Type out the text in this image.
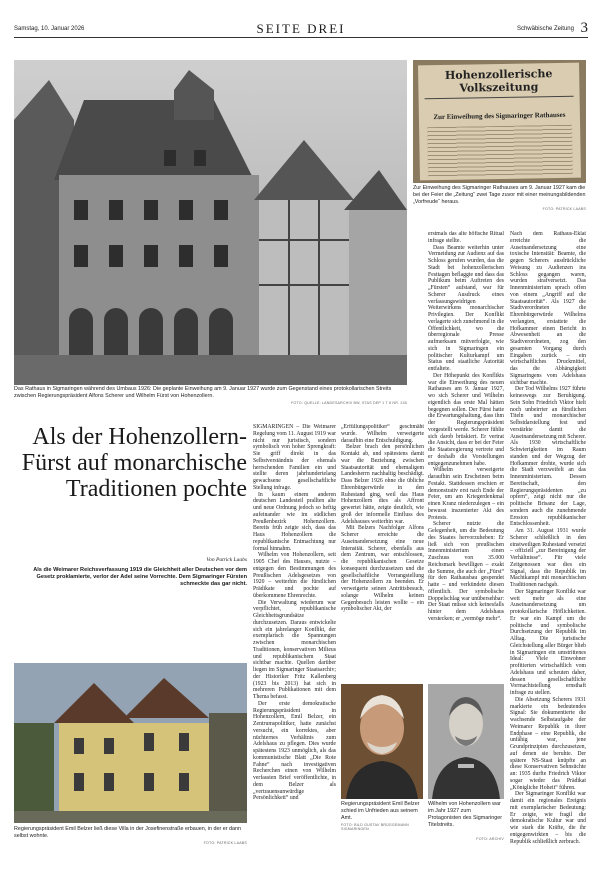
Samstag, 10. Januar 2026	SEITE DREI	Schwäbische Zeitung 3
Das Rathaus in Sigmaringen während des Umbaus 1926: Die geplante Einweihung am 9. Januar 1927 wurde zum Gegenstand eines protokollarischen Streits zwischen Regierungspräsident Alfons Scherer und Wilhelm Fürst von Hohenzollern.
FOTO: QUELLE: LANDESARCHIV BW, STAS DEP 1 T 8 NR. 245
Hohenzollerische Volkszeitung
Zur Einweihung des Sigmaringer Rathauses
Zur Einweihung des Sigmaringer Rathauses am 9. Januar 1927 kam die bei der Feier die „Zeitung“ zwei Tage zuvor mit einer meinungsbildenden „Vorfreude“ heraus.
FOTO: PATRICK LAABS
Als der Hohenzollern-Fürst auf monarchische Traditionen pochte
Von Patrick Laabs
Als die Weimarer Reichsverfassung 1919 die Gleichheit aller Deutschen vor dem Gesetz proklamierte, verlor der Adel seine Vorrechte. Dem Sigmaringer Fürsten schmeckte das gar nicht.
Regierungspräsident Emil Belzer ließ diese Villa in der Josefinenstraße erbauen, in der er dann selbst wohnte.
FOTO: PATRICK LAABS

SIGMARINGEN – Die Weimarer Regelung vom 11. August 1919 war nicht nur juristisch, sondern symbolisch von hoher Sprengkraft: Sie griff direkt in das Selbstverständnis der ehemals herrschenden Familien ein und stellte deren jahrhundertelang gewachsene gesellschaftliche Stellung infrage.

In kaum einem anderen deutschen Landesteil prallten alte und neue Ordnung jedoch so heftig aufeinander wie im südlichen Preußenbezirk Hohenzollern. Bereits früh zeigte sich, dass das Haus Hohenzollern die republikanische Entmachtung nur formal hinnahm.

Wilhelm von Hohenzollern, seit 1905 Chef des Hauses, nutzte – entgegen den Bestimmungen des Preußischen Adelsgesetzes von 1920 – weiterhin die fürstlichen Prädikate und pochte auf überkommene Ehrenrechte.

Die Verwaltung wiederum war verpflichtet, republikanische Gleichheitsgrundsätze durchzusetzen. Daraus entwickelte sich ein jahrelanger Konflikt, der exemplarisch die Spannungen zwischen monarchischen Traditionen, konservativen Milieus und republikanischem Staat sichtbar machte. Quellen darüber liegen im Sigmaringer Staatsarchiv; der Historiker Fritz Kallenberg (1923 bis 2013) hat sich in mehreren Publikationen mit dem Thema befasst.

Der erste demokratische Regierungspräsident in Hohenzollern, Emil Belzer, ein Zentrumspolitiker, hatte zunächst versucht, ein korrektes, aber nüchternes Verhältnis zum Adelshaus zu pflegen. Dies wurde spätestens 1923 unmöglich, als das kommunistische Blatt „Die Rote Fahne“ nach investigativen Recherchen einen von Wilhelm verfassten Brief veröffentlichte, in dem Belzer als „vertrauensunwürdige Persönlichkeit“ und

„Erfüllungspolitiker“ geschmäht wurde. Wilhelm verweigerte daraufhin eine Entschuldigung.

Belzer brach den persönlichen Kontakt ab, und spätestens damit war die Beziehung zwischen Staatsautorität und ehemaligem Landesherrn nachhaltig beschädigt. Dass Belzer 1926 ohne die übliche Ehrenbürgerwürde in den Ruhestand ging, weil das Haus Hohenzollern dies als Affront gewertet hätte, zeigte deutlich, wie groß der informelle Einfluss des Adelshauses weiterhin war.

Mit Belzers Nachfolger Alfons Scherer erreichte die Auseinandersetzung eine neue Intensität. Scherer, ebenfalls aus dem Zentrum, war entschlossen, die republikanischen Gesetze konsequent durchzusetzen und die gesellschaftliche Vorrangstellung der Hohenzollern zu beenden. Er verweigerte seinen Antrittsbesuch, solange Wilhelm keinen Gegenbesuch leisten wollte – ein symbolischer Akt, der

erstmals das alte höfische Ritual infrage stellte.

Dass Beamte weiterhin unter Vermeidung zur Audienz auf das Schloss gerufen wurden, das die Stadt bei hohenzollerischen Festtagen beflaggte und dass das Publikum beim Auftreten des „Fürsten“ aufstand, war für Scherer Ausdruck eines verfassungswidrigen Weiterwirkens monarchischer Privilegien. Der Konflikt verlagerte sich zunehmend in die Öffentlichkeit, wo die überregionale Presse aufmerksam mitverfolgte, wie sich in Sigmaringen ein politischer Kulturkampf um Status und staatliche Autorität entfaltete.

Der Höhepunkt des Konflikts war die Einweihung des neuen Rathauses am 9. Januar 1927, wo sich Scherer und Wilhelm eigentlich das erste Mal hätten begegnen sollen. Der Fürst hatte die Erwartungshaltung, dass ihm der Regierungspräsident vorgestellt werde. Scherer fühlte sich darob brüskiert. Er vertrat die Ansicht, dass er bei der Feier die Staatsregierung vertrete und er deshalb die Vorstellungen entgegenzunehmen habe.

Wilhelm verweigerte daraufhin sein Erscheinen beim Festakt. Stattdessen erschien er demonstrativ erst nach Ende der Feier, um am Kriegerdenkmal einen Kranz niederzulegen – ein bewusst inszenierter Akt des Protests.

Scherer nutzte die Gelegenheit, um die Bedeutung des Staates hervorzuheben: Er ließ sich von preußischen Innenministerium einen Zuschuss von 35.000 Reichsmark bewilligen – exakt die Summe, die auch der „Fürst“ für den Rathausbau gespendet hatte – und verkündete diesen öffentlich. Der symbolische Doppelschlag war unübersehbar: Der Staat müsse sich keinesfalls hinter dem Adelshaus verstecken; er „vermöge mehr“.

Nach dem Rathaus-Eklat erreichte die Auseinandersetzung eine toxische Intensität: Beamte, die gegen Scherers ausdrückliche Weisung zu Audienzen ins Schloss gegangen waren, wurden strafversetzt. Das Innenministerium sprach offen von einem „Angriff auf die Staatsautorität“. Als 1927 die Stadtverordneten die Ehrenbürgerwürde Wilhelms verlangten, erstattete die Hofkammer einen Bericht in Abwesenheit an die Stadtverordneten, zog den gesamten Vorgang durch Eingaben zurück – ein wirtschaftliches Druckmittel, das die Abhängigkeit Sigmaringens vom Adelshaus sichtbar machte.

Der Tod Wilhelms 1927 führte keineswegs zur Beruhigung. Sein Sohn Friedrich Viktor hielt noch unbeirrter an fürstlichen Titeln und monarchischer Selbstdarstellung fest und verstärkte damit die Auseinandersetzung mit Scherer. Als 1930 wirtschaftliche Schwierigkeiten im Raum standen und der Wegzug der Hofkammer drohte, wurde sich die Stadt verzweifelt an das Innenministerium. Dessen Bereitschaft, den Regierungspräsidenten „zu opfern“, zeigt nicht nur die politische Brisanz der Lage, sondern auch die zunehmende Erosion republikanischer Entschlossenheit.

Am 31. August 1931 wurde Scherer schließlich in den einstweiligen Ruhestand versetzt – offiziell „zur Bereinigung der Verhältnisse“. Für viele Zeitgenossen war dies ein Signal, dass die Republik im Machtkampf mit monarchischen Traditionen nachgab.

Der Sigmaringer Konflikt war weit mehr als eine Auseinandersetzung um protokollarische Höflichkeiten. Er war ein Kampf um die politische und symbolische Durchsetzung der Republik im Alltag. Die juristische Gleichstellung aller Bürger blieb in Sigmaringen ein umstrittenes Ideal: Viele Einwohner profitierten wirtschaftlich vom Adelshaus und scheuten daher, dessen gesellschaftliche Vormachtstellung ernsthaft infrage zu stellen.

Die Absetzung Scherers 1931 markierte ein bedeutendes Signal: Sie dokumentierte die wachsende Selbstaufgabe der Weimarer Republik in ihrer Endphase – eine Republik, die unfähig war, jene Grundprinzipien durchzusetzen, auf denen sie beruhte. Der spätere NS-Staat knüpfte an diese Konservativen Sehnsüchte an: 1935 durfte Friedrich Viktor sogar wieder das Prädikat „Königliche Hoheit“ führen.

Der Sigmaringer Konflikt war damit ein regionales Ereignis mit exemplarischer Bedeutung: Er zeigte, wie fragil die demokratische Kultur war und wie stark die Kräfte, die ihr entgegenwirkten – bis die Republik schließlich zerbrach.

Regierungspräsident Emil Belzer schied im Unfrieden aus seinem Amt.
FOTO: BILD GUSTAV BRÜGGEMANN SIGMARINGEN
Wilhelm von Hohenzollern war im Jahr 1927 zum Protagonisten des Sigmaringer Titelstreits.
FOTO: ARCHIV
